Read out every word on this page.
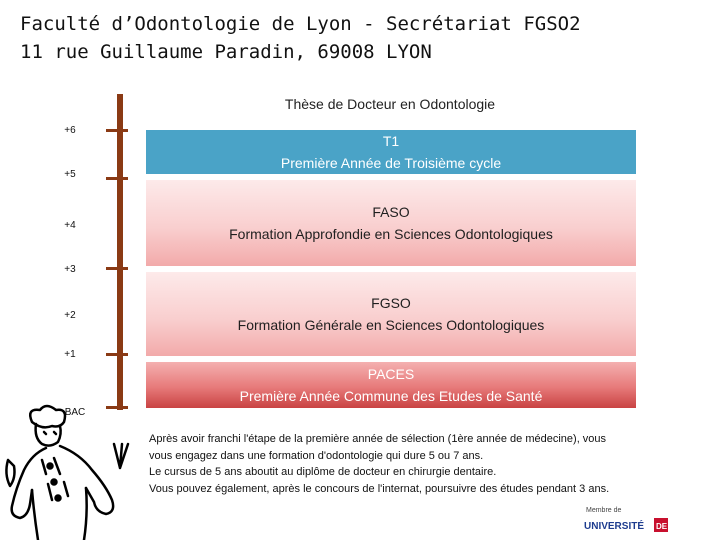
Faculté d’Odontologie de Lyon - Secrétariat FGSO2
11 rue Guillaume Paradin, 69008 LYON
Thèse de Docteur en Odontologie
+6
+5
+4
+3
+2
+1
BAC
T1
Première Année de Troisième cycle
FASO
Formation Approfondie en Sciences Odontologiques
FGSO
Formation Générale en Sciences Odontologiques
PACES
Première Année Commune des Etudes de Santé
Après avoir franchi l'étape de la première année de sélection (1ère année de médecine), vous
vous engagez dans une formation d'odontologie qui dure 5 ou 7 ans.
Le cursus de 5 ans aboutit au diplôme de docteur en chirurgie dentaire.
Vous pouvez également, après le concours de l'internat, poursuivre des études pendant 3 ans.
Membre de
UNIVERSITÉ DE LYON
